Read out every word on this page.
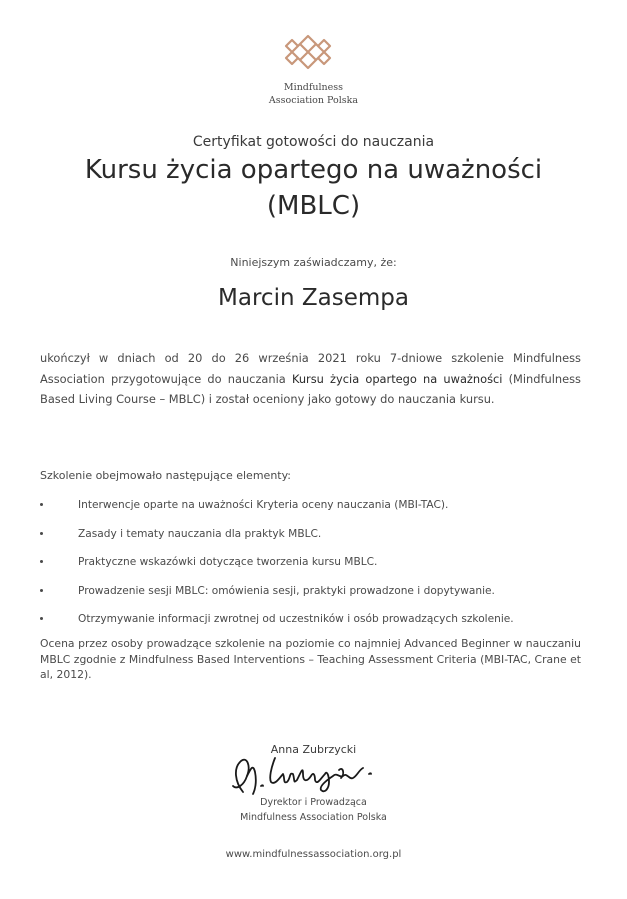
Mindfulness
Association Polska
Certyfikat gotowości do nauczania
Kursu życia opartego na uważności
(MBLC)
Niniejszym zaświadczamy, że:
Marcin Zasempa
ukończył w dniach od 20 do 26 września 2021 roku 7-dniowe szkolenie Mindfulness Association przygotowujące do nauczania Kursu życia opartego na uważności (Mindfulness Based Living Course – MBLC) i został oceniony jako gotowy do nauczania kursu.
Szkolenie obejmowało następujące elementy:
Interwencje oparte na uważności Kryteria oceny nauczania (MBI-TAC).
Zasady i tematy nauczania dla praktyk MBLC.
Praktyczne wskazówki dotyczące tworzenia kursu MBLC.
Prowadzenie sesji MBLC: omówienia sesji, praktyki prowadzone i dopytywanie.
Otrzymywanie informacji zwrotnej od uczestników i osób prowadzących szkolenie.
Ocena przez osoby prowadzące szkolenie na poziomie co najmniej Advanced Beginner w nauczaniu MBLC zgodnie z Mindfulness Based Interventions – Teaching Assessment Criteria (MBI-TAC, Crane et al, 2012).
Anna Zubrzycki
Dyrektor i Prowadząca
Mindfulness Association Polska
www.mindfulnessassociation.org.pl
